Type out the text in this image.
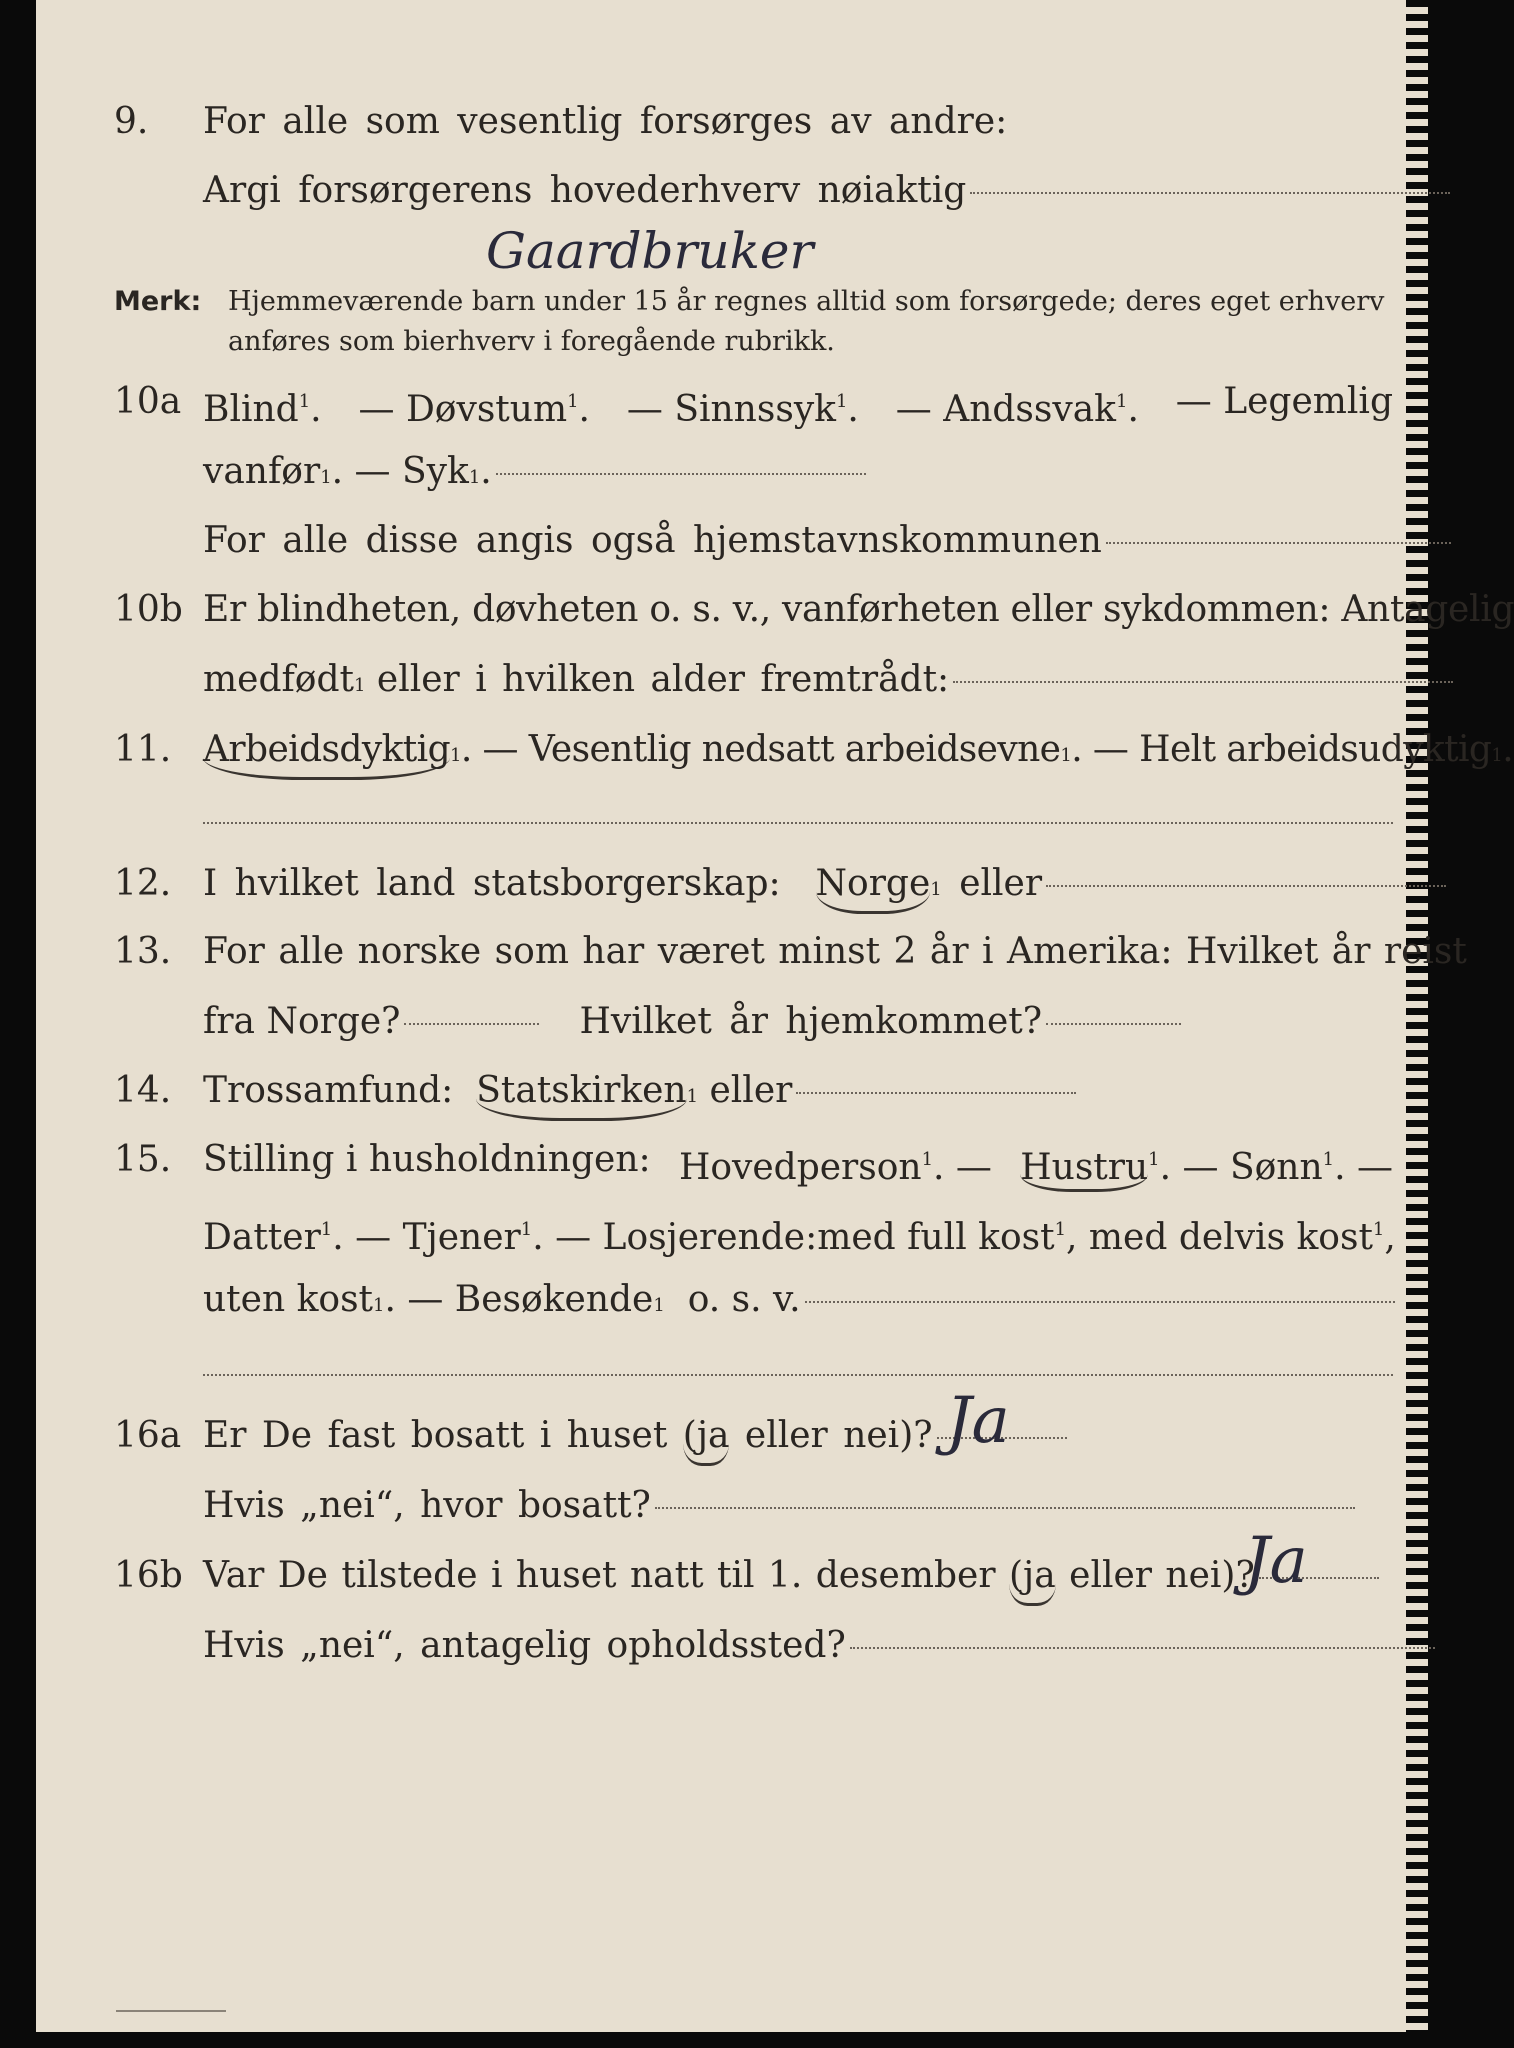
9. For alle som vesentlig forsørges av andre:
Argi forsørgerens hovederhverv nøiaktig
Gaardbruker
Merk: Hjemmeværende barn under 15 år regnes alltid som forsørgede; deres eget erhverv
anføres som bierhverv i foregående rubrikk.
10a Blind$^1$. — Døvstum$^1$. — Sinnssyk$^1$. — Andssvak$^1$. — Legemlig
vanfør 1 . — Syk 1 .
For alle disse angis også hjemstavnskommunen
10b Er blindheten, døvheten o. s. v., vanførheten eller sykdommen: Antagelig
medfødt 1
eller i hvilken alder fremtrådt:
11. Arbeidsdyktig 1 . — Vesentlig nedsatt arbeidsevne 1 . — Helt arbeidsudyktig 1 .
12. I hvilket land statsborgerskap:
Norge 1
eller
13. For alle norske som har været minst 2 år i Amerika: Hvilket år reist
fra Norge?	Hvilket år hjemkommet?
14. Trossamfund:
Statskirken 1
eller
15. Stilling i husholdningen: Hovedperson$^1$. — Hustru$^1$. — Sønn$^1$. —
Datter$^1$. — Tjener$^1$. — Losjerende: med full kost$^1$, med delvis kost$^1$,
uten kost 1 . — Besøkende 1
o. s. v.
16a Er De fast bosatt i huset
(ja
eller nei)? Ja
Hvis „nei“, hvor bosatt?
16b Var De tilstede i huset natt til 1. desember
(ja
eller nei)?
Ja
Hvis „nei“, antagelig opholdssted?
